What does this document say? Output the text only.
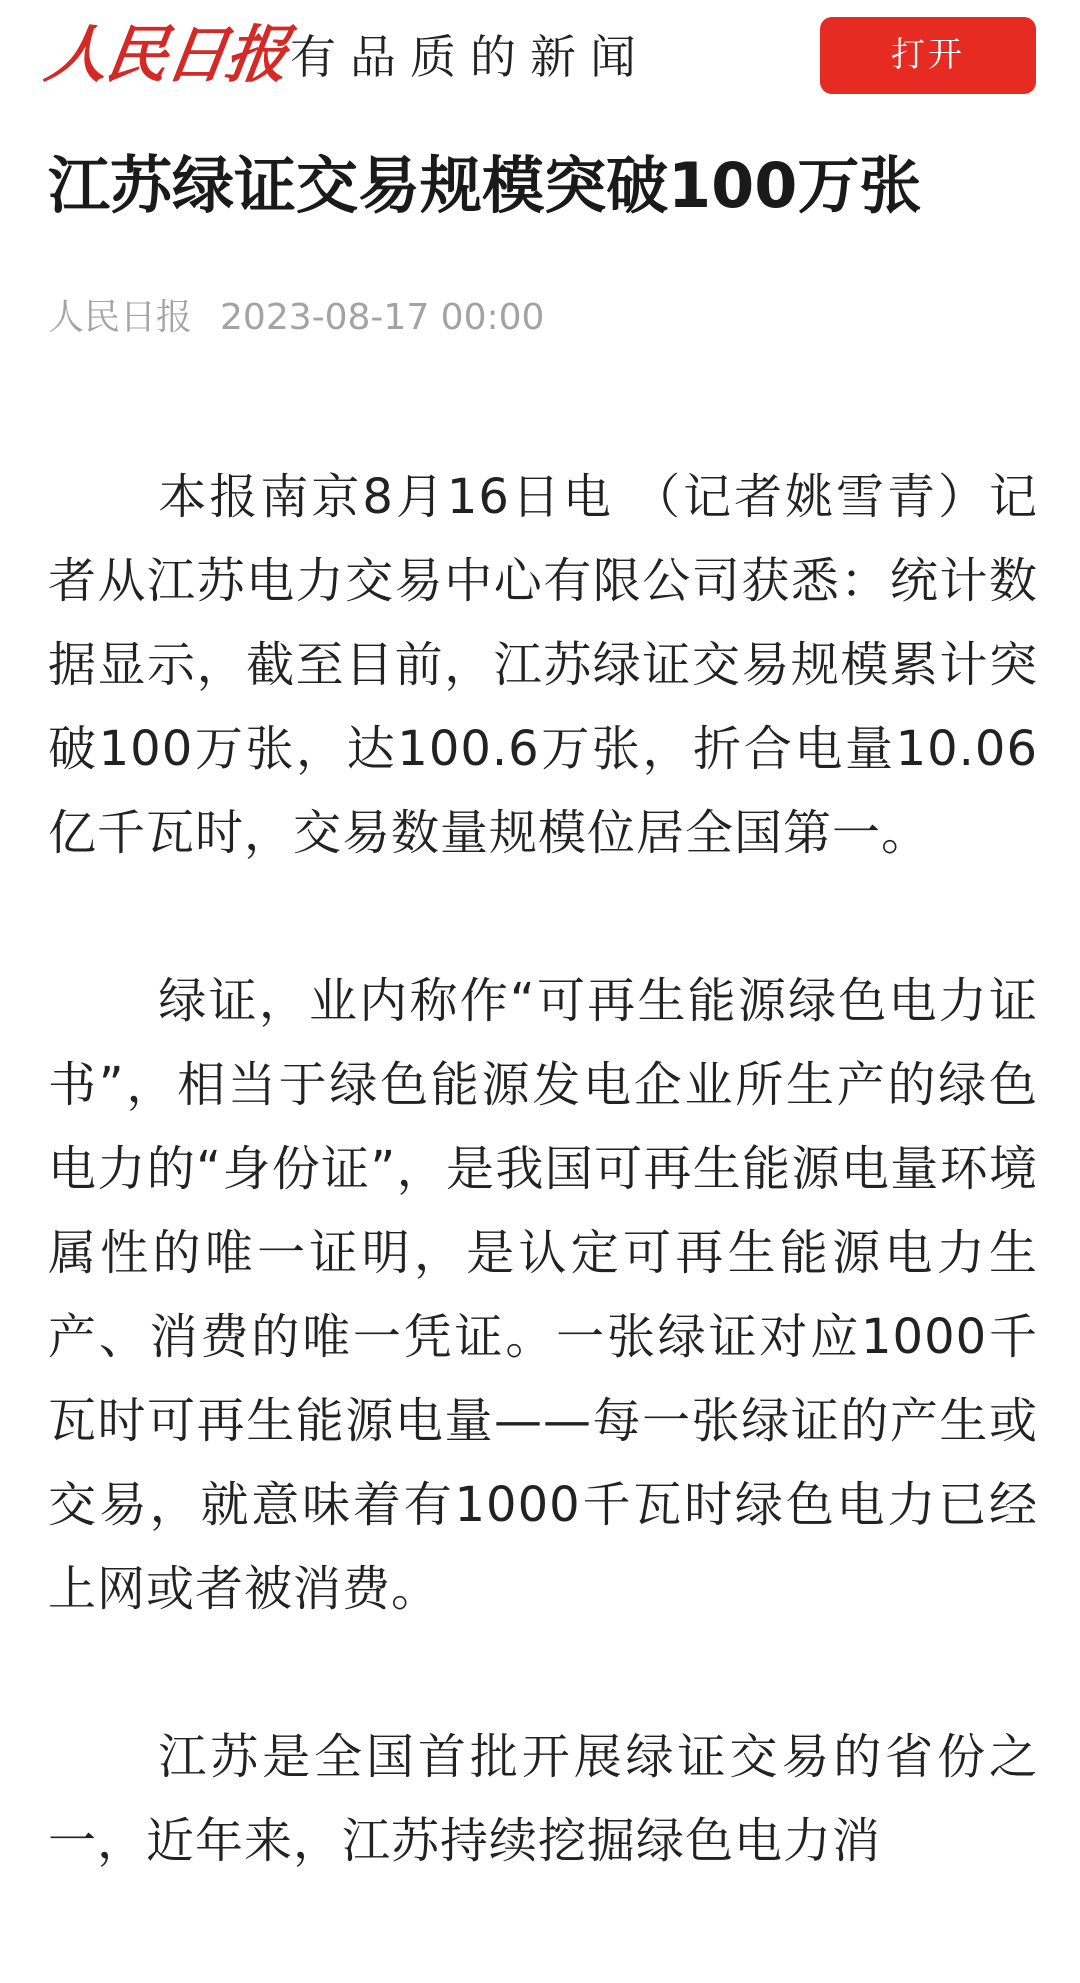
人民日报
有品质的新闻	打开
江苏绿证交易规模突破100万张
人民日报 2023-08-17 00:00

本报南京8月16日电 （记者姚雪青）记者从江苏电力交易中心有限公司获悉：统计数据显示，截至目前，江苏绿证交易规模累计突破100万张，达100.6万张，折合电量10.06亿千瓦时，交易数量规模位居全国第一。

绿证，业内称作“可再生能源绿色电力证书”，相当于绿色能源发电企业所生产的绿色电力的“身份证”，是我国可再生能源电量环境属性的唯一证明，是认定可再生能源电力生产、消费的唯一凭证。一张绿证对应1000千瓦时可再生能源电量——每一张绿证的产生或交易，就意味着有1000千瓦时绿色电力已经上网或者被消费。

江苏是全国首批开展绿证交易的省份之一，近年来，江苏持续挖掘绿色电力消
